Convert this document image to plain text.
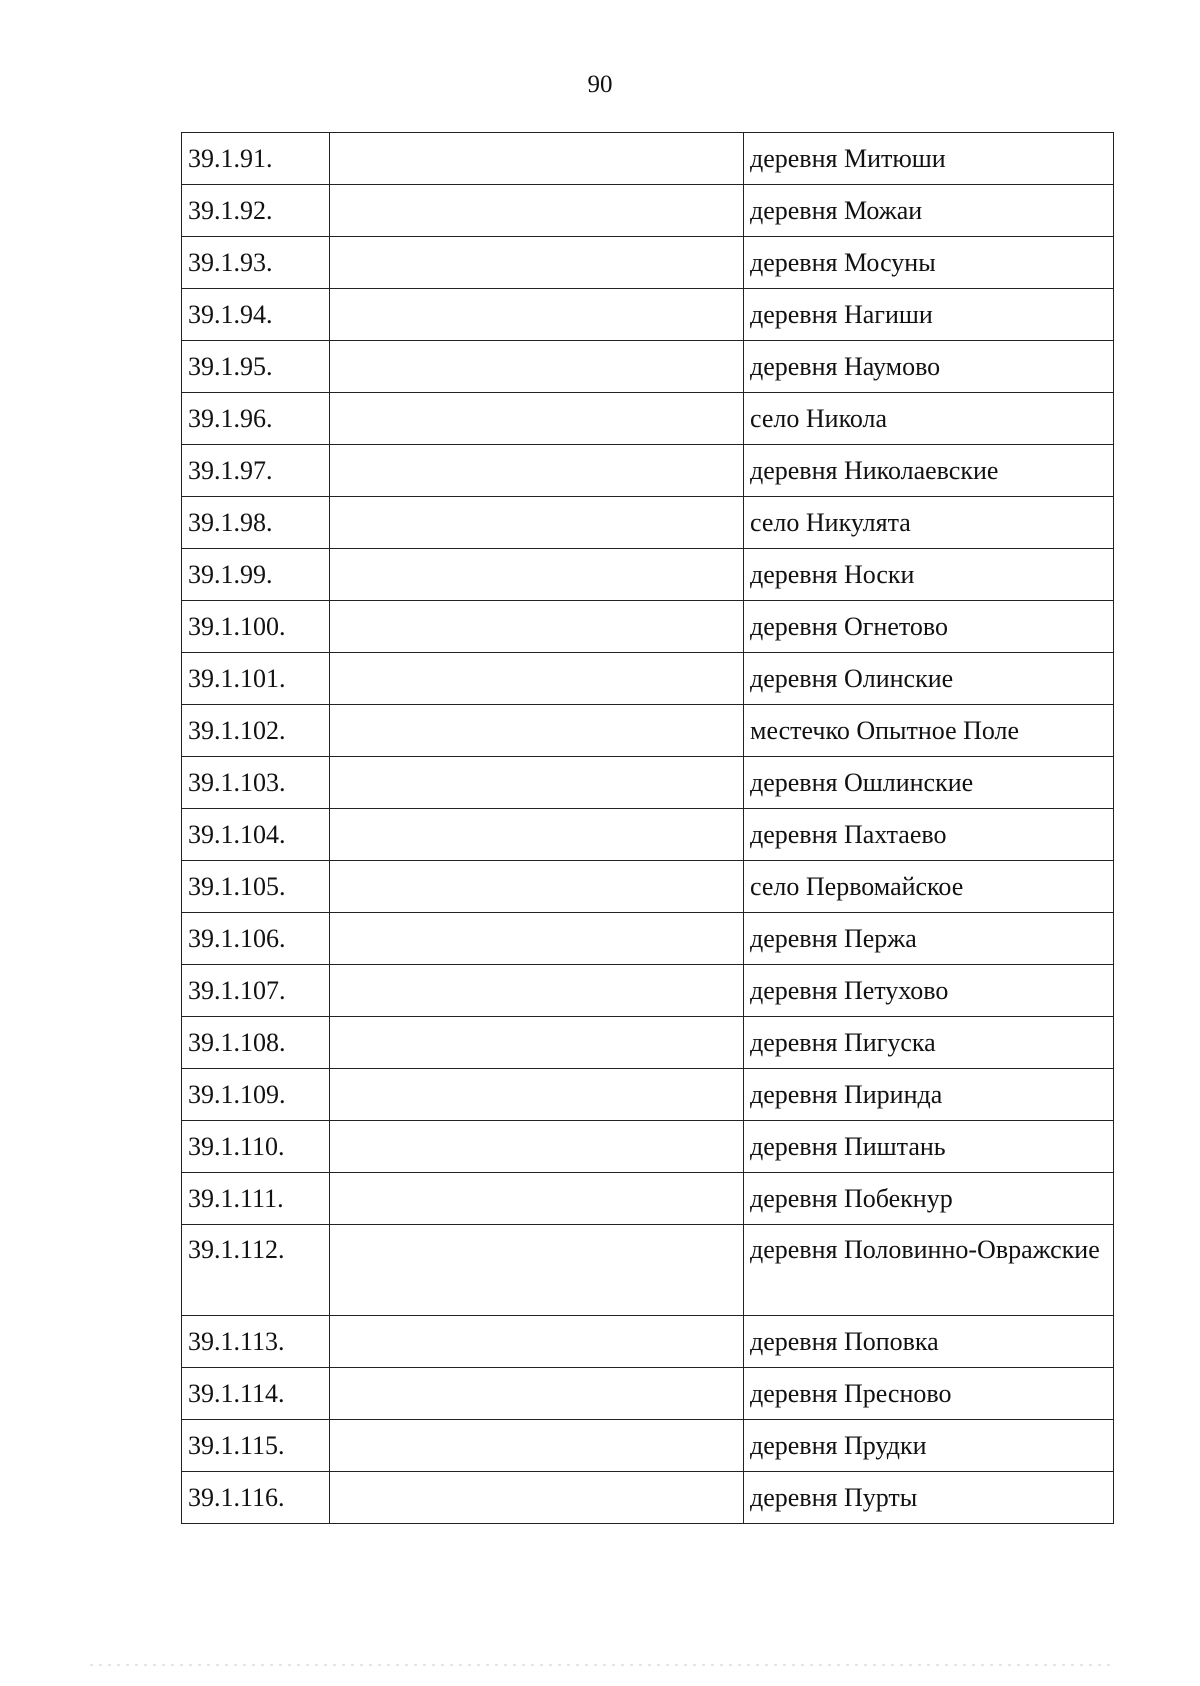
90
39.1.91.		деревня Митюши
39.1.92.		деревня Можаи
39.1.93.		деревня Мосуны
39.1.94.		деревня Нагиши
39.1.95.		деревня Наумово
39.1.96.		село Никола
39.1.97.		деревня Николаевские
39.1.98.		село Никулята
39.1.99.		деревня Носки
39.1.100.		деревня Огнетово
39.1.101.		деревня Олинские
39.1.102.		местечко Опытное Поле
39.1.103.		деревня Ошлинские
39.1.104.		деревня Пахтаево
39.1.105.		село Первомайское
39.1.106.		деревня Пержа
39.1.107.		деревня Петухово
39.1.108.		деревня Пигуска
39.1.109.		деревня Пиринда
39.1.110.		деревня Пиштань
39.1.111.		деревня Побекнур
39.1.112.		деревня Половинно-Овражские
39.1.113.		деревня Поповка
39.1.114.		деревня Пресново
39.1.115.		деревня Прудки
39.1.116.		деревня Пурты
